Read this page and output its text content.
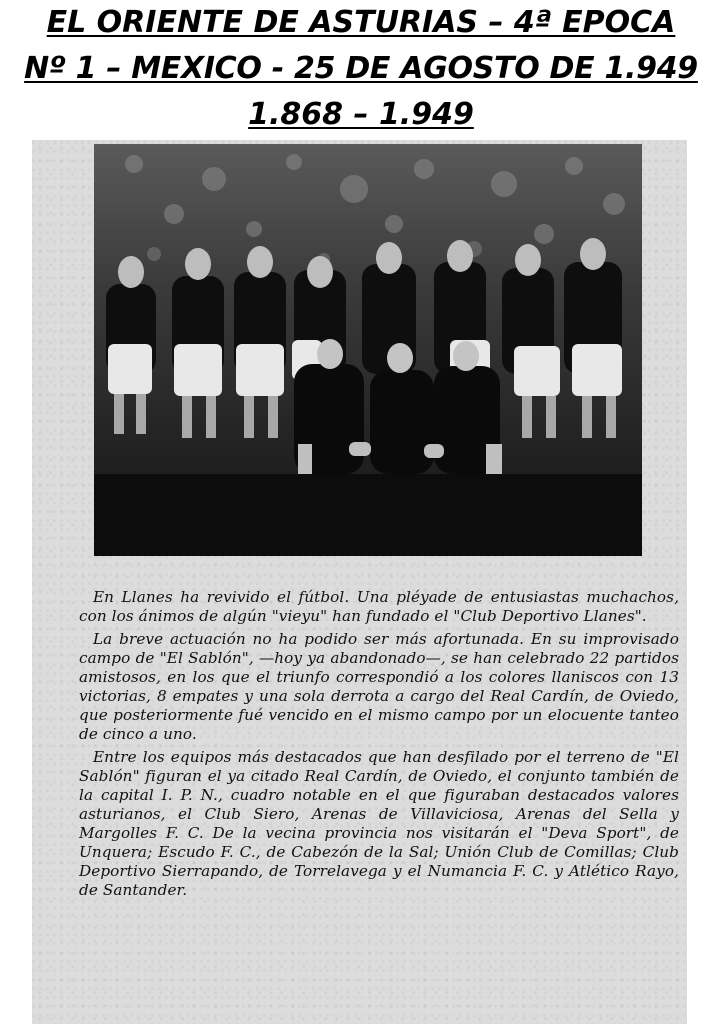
EL ORIENTE DE ASTURIAS – 4ª EPOCA
Nº 1 – MEXICO - 25 DE AGOSTO DE 1.949
1.868 – 1.949

En Llanes ha revivido el fútbol. Una pléyade de entusiastas muchachos, con los ánimos de algún "vieyu" han fundado el "Club Deportivo Llanes".

La breve actuación no ha podido ser más afortunada. En su improvisado campo de "El Sablón", —hoy ya abandonado—, se han celebrado 22 partidos amistosos, en los que el triunfo correspondió a los colores llaniscos con 13 victorias, 8 empates y una sola derrota a cargo del Real Cardín, de Oviedo, que posteriormente fué vencido en el mismo campo por un elocuente tanteo de cinco a uno.

Entre los equipos más destacados que han desfilado por el terreno de "El Sablón" figuran el ya citado Real Cardín, de Oviedo, el conjunto también de la capital I. P. N., cuadro notable en el que figuraban destacados valores asturianos, el Club Siero, Arenas de Villaviciosa, Arenas del Sella y Margolles F. C. De la vecina provincia nos visitarán el "Deva Sport", de Unquera; Escudo F. C., de Cabezón de la Sal; Unión Club de Comillas; Club Deportivo Sierrapando, de Torrelavega y el Numancia F. C. y Atlético Rayo, de Santander.
